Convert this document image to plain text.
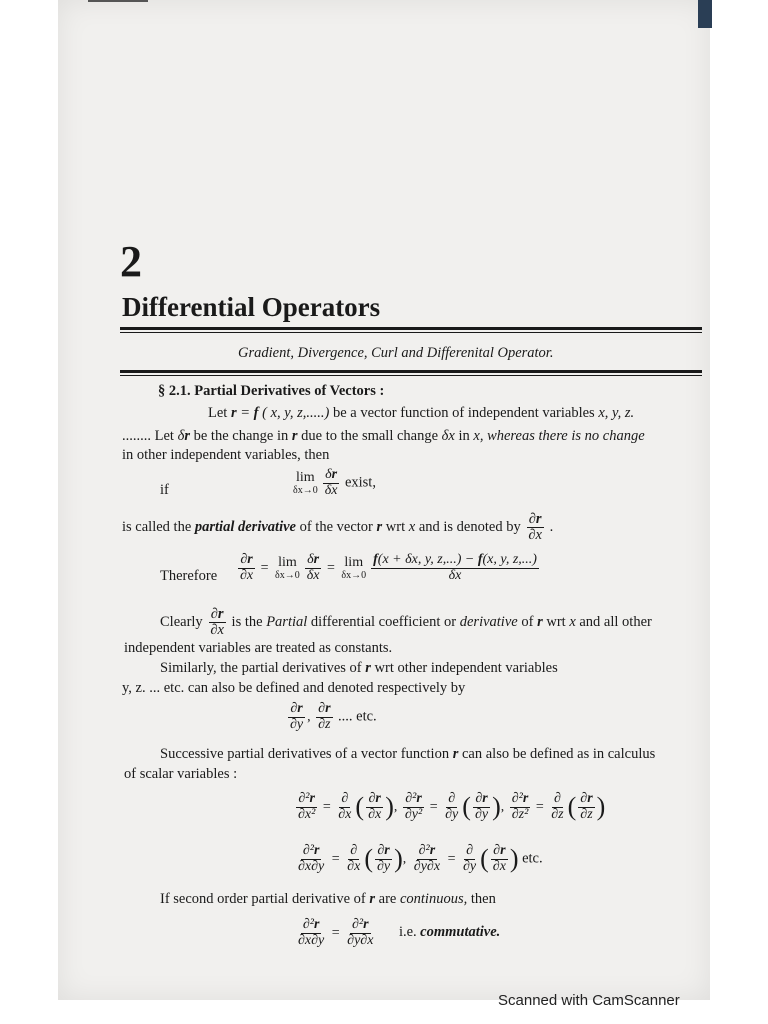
2
Differential Operators
Gradient, Divergence, Curl and Differenital Operator.
§ 2.1. Partial Derivatives of Vectors :
Let r = f ( x, y, z,.....) be a vector function of independent variables x, y, z.
........ Let δr be the change in r due to the small change δx in x, whereas there is no change
in other independent variables, then
if
lim
$\delta x\to 0 \frac{\delta r}{\delta x}$ exist,
is called the partial derivative of the vector r wrt x and is denoted by $\frac{\partial r}{\partial x}$ .
Therefore $\frac{\partial r}{\partial x} = \lim$
$\delta x\to 0 \frac{\delta r}{\delta x} = \lim$
$\delta x\to 0 \frac{f(x + \delta x, y, z,...) - f(x, y, z,...)}{\delta x}$
Clearly $\frac{\partial r}{\partial x}$ is the Partial differential coefficient or derivative of r wrt x and all other
independent variables are treated as constants.
Similarly, the partial derivatives of r wrt other independent variables
y, z. ... etc. can also be defined and denoted respectively by
$\frac{\partial r}{\partial y}$ , $\frac{\partial r}{\partial z}$ .... etc.
Successive partial derivatives of a vector function r can also be defined as in calculus
of scalar variables :
$\frac{\text{∂²r}}{\text{∂x²}} = \frac{\partial}{\partial x}$ ( $\frac{\partial r}{\partial x}$ ), $\frac{\text{∂²r}}{\text{∂y²}} = \frac{\partial}{\partial y}$ ( $\frac{\partial r}{\partial y}$ ), $\frac{\text{∂²r}}{\text{∂z²}} = \frac{\partial}{\partial z}$ ( $\frac{\partial r}{\partial z}$ )
$\frac{\text{∂²r}}{\partial x\partial y} = \frac{\partial}{\partial x}$ ( $\frac{\partial r}{\partial y}$ ), $\frac{\text{∂²r}}{\partial y\partial x} = \frac{\partial}{\partial y}$ ( $\frac{\partial r}{\partial x}$ ) etc.
If second order partial derivative of r are continuous, then
$\frac{\text{∂²r}}{\partial x\partial y} = \frac{\text{∂²r}}{\partial y\partial x} i.e$. commutative.
Scanned with CamScanner
